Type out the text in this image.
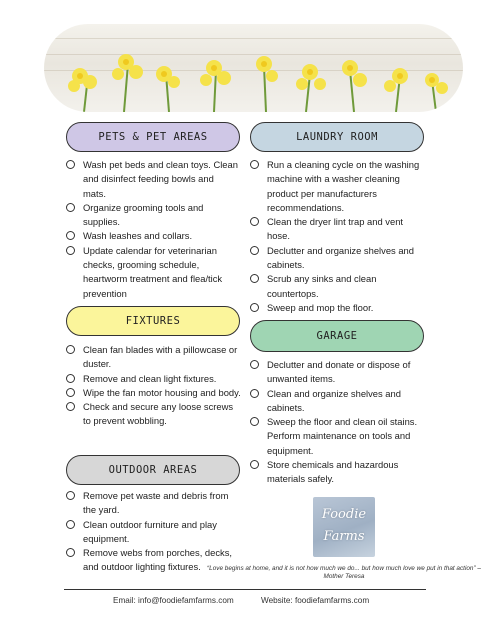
PETS & PET AREAS	LAUNDRY ROOM
FIXTURES
GARAGE
OUTDOOR AREAS
Wash pet beds and clean toys. Clean and disinfect feeding bowls and mats.
Organize grooming tools and supplies.
Wash leashes and collars.
Update calendar for veterinarian checks, grooming schedule, heartworm treatment and flea/tick prevention
Clean fan blades with a pillowcase or duster.
Remove and clean light fixtures.
Wipe the fan motor housing and body.
Check and secure any loose screws to prevent wobbling.
Remove pet waste and debris from the yard.
Clean outdoor furniture and play equipment.
Remove webs from porches, decks, and outdoor lighting fixtures.
Run a cleaning cycle on the washing machine with a washer cleaning product per manufacturers recommendations.
Clean the dryer lint trap and vent hose.
Declutter and organize shelves and cabinets.
Scrub any sinks and clean countertops.
Sweep and mop the floor.
Declutter and donate or dispose of unwanted items.
Clean and organize shelves and cabinets.
Sweep the floor and clean oil stains. Perform maintenance on tools and equipment.
Store chemicals and hazardous materials safely.
Foodie
Farms
“Love begins at home, and it is not how much we do... but how much love we put in that action” –Mother Teresa
Email: info@foodiefamfarms.com	Website: foodiefamfarms.com
